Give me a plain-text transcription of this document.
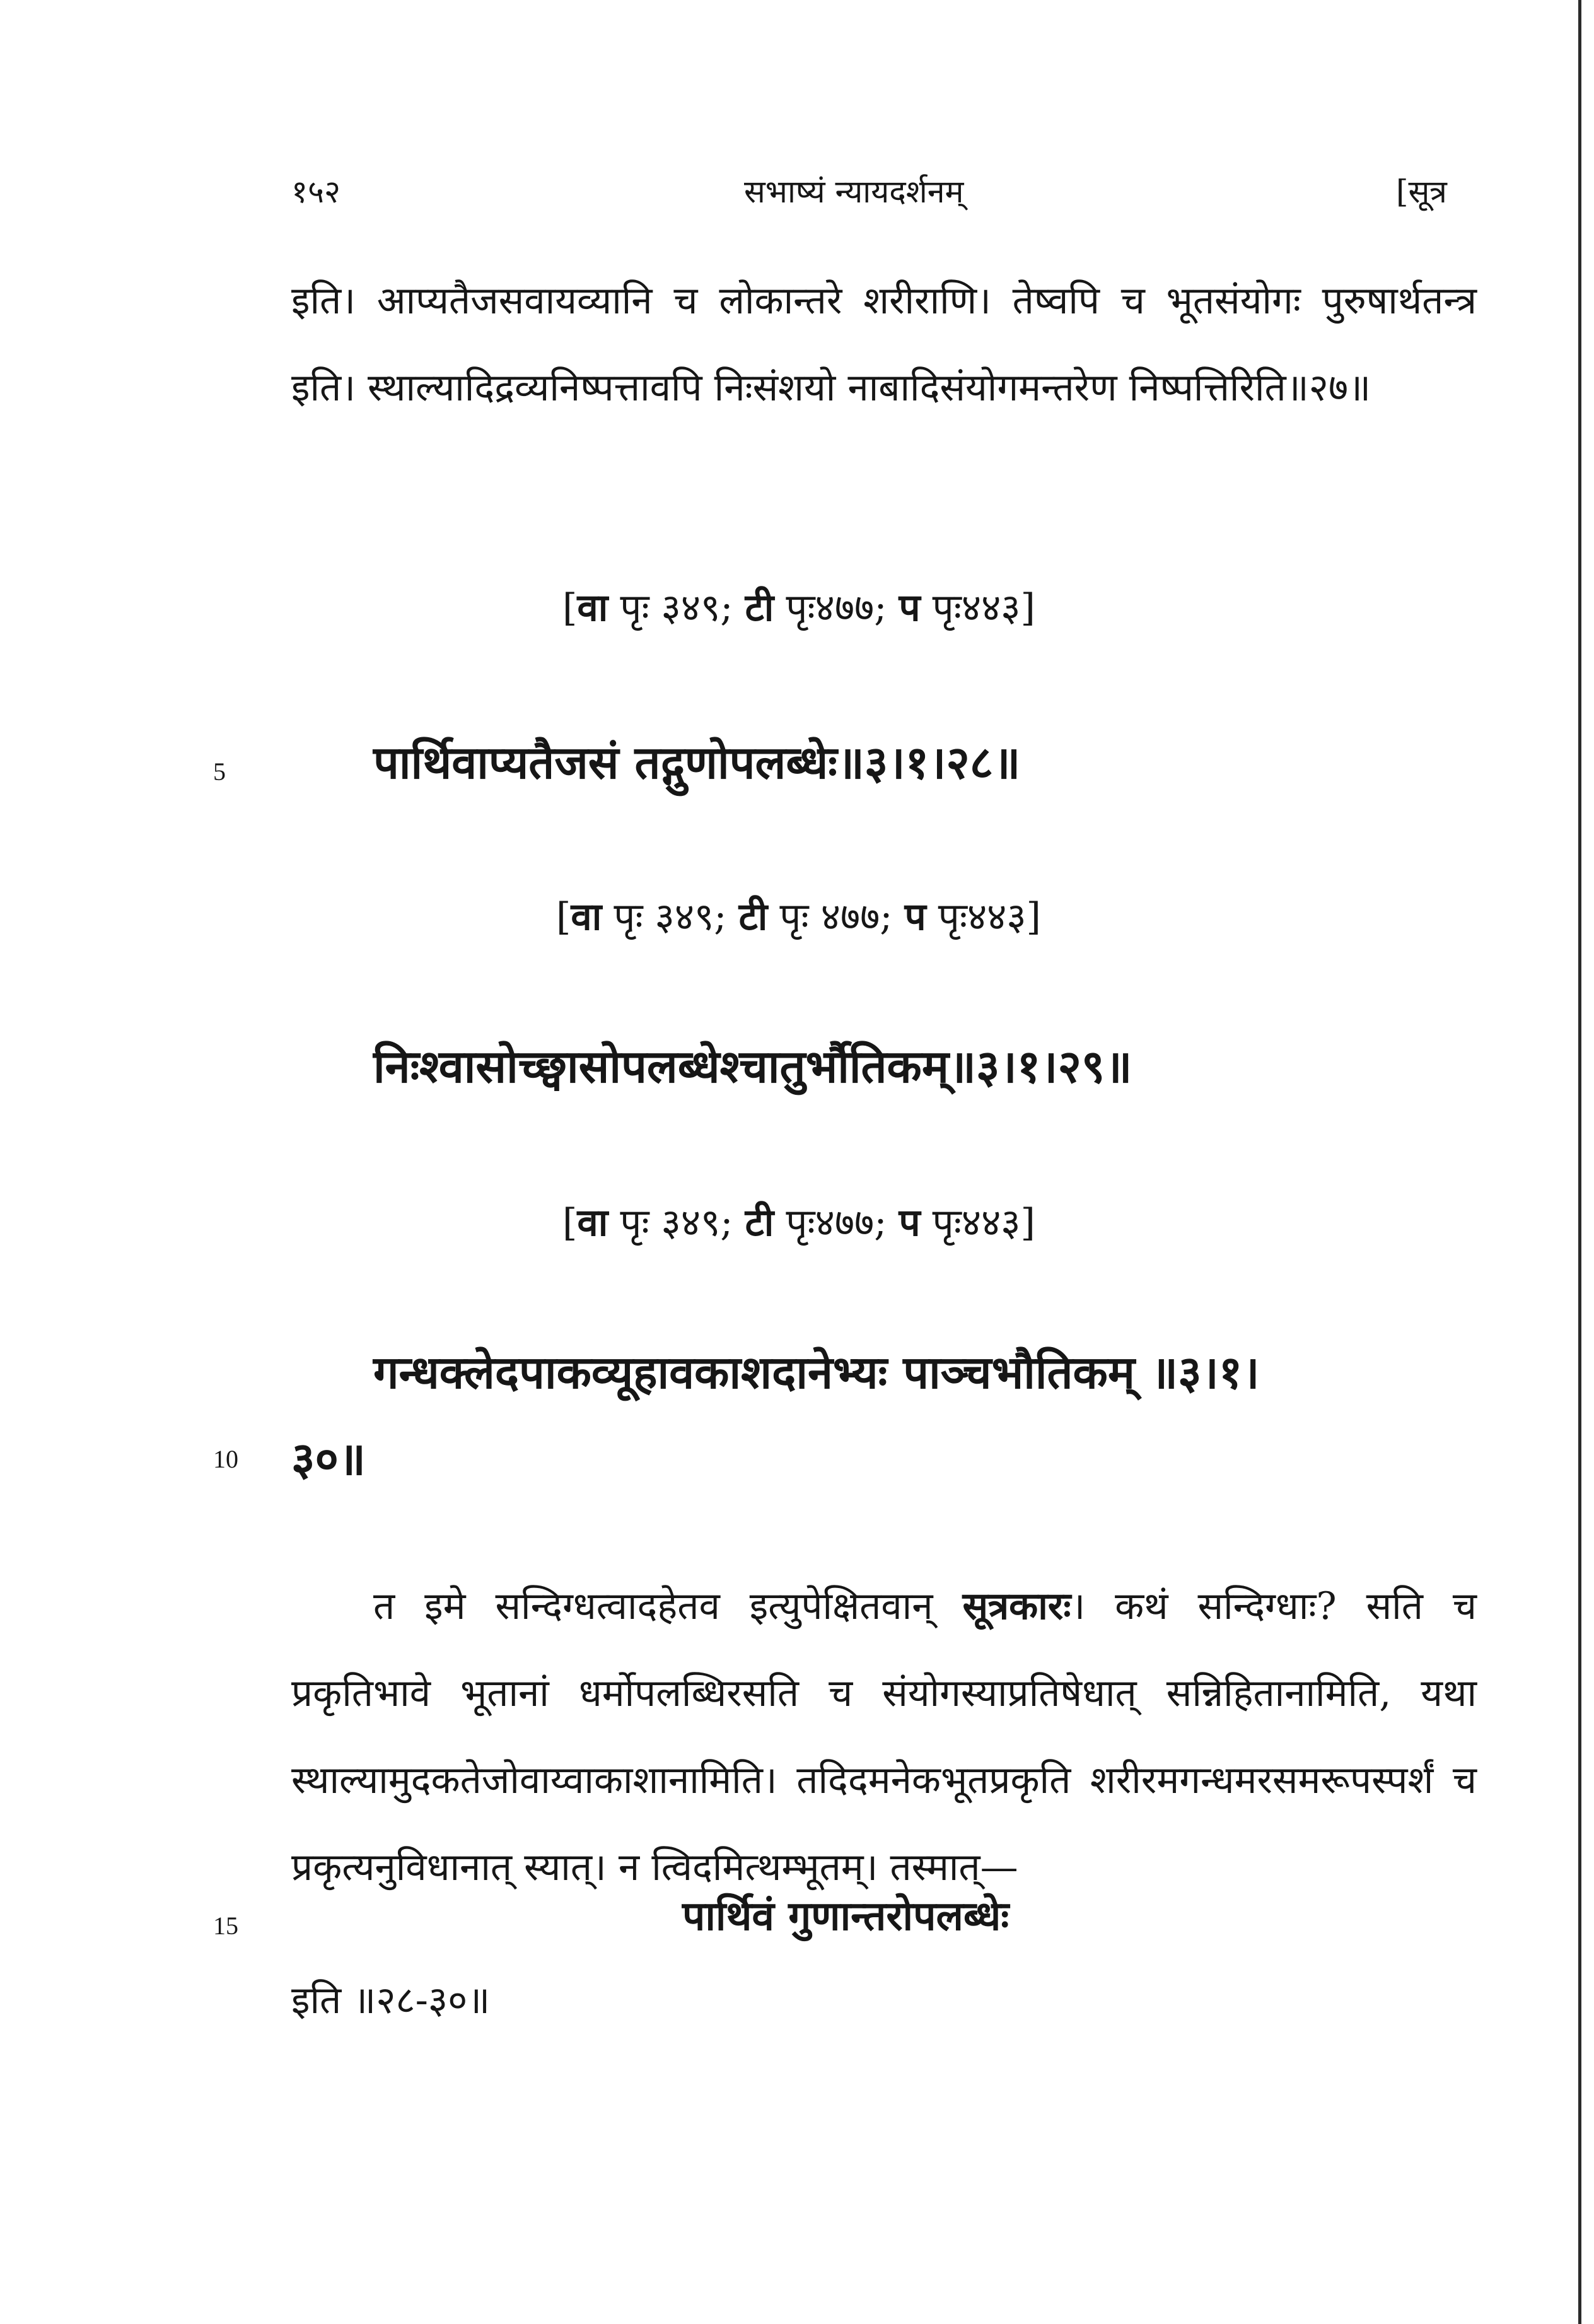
१५२	सभाष्यं न्यायदर्शनम्	[सूत्र
इति। आप्यतैजसवायव्यानि च लोकान्तरे शरीराणि। तेष्वपि च भूतसंयोगः पुरुषार्थतन्त्र इति। स्थाल्यादिद्रव्यनिष्पत्तावपि निःसंशयो नाबादिसंयोगमन्तरेण निष्पत्तिरिति॥२७॥
[वा पृः ३४९; टी पृः४७७; प पृः४४३]
5	पार्थिवाप्यतैजसं तद्गुणोपलब्धेः॥३।१।२८॥
[वा पृः ३४९; टी पृः ४७७; प पृः४४३]
निःश्वासोच्छ्वासोपलब्धेश्चातुर्भौतिकम्॥३।१।२९॥
[वा पृः ३४९; टी पृः४७७; प पृः४४३]
गन्धक्लेदपाकव्यूहावकाशदानेभ्यः पाञ्चभौतिकम् ॥३।१।
10 ३०॥
त इमे सन्दिग्धत्वादहेतव इत्युपेक्षितवान् सूत्रकारः। कथं सन्दिग्धाः? सति च प्रकृतिभावे भूतानां धर्मोपलब्धिरसति च संयोगस्याप्रतिषेधात् सन्निहितानामिति, यथा स्थाल्यामुदकतेजोवाय्वाकाशानामिति। तदिदमनेकभूतप्रकृति शरीरमगन्धमरसमरूपस्पर्शं च प्रकृत्यनुविधानात् स्यात्। न त्विदमित्थम्भूतम्। तस्मात्—
15	पार्थिवं गुणान्तरोपलब्धेः
इति ॥२८-३०॥
